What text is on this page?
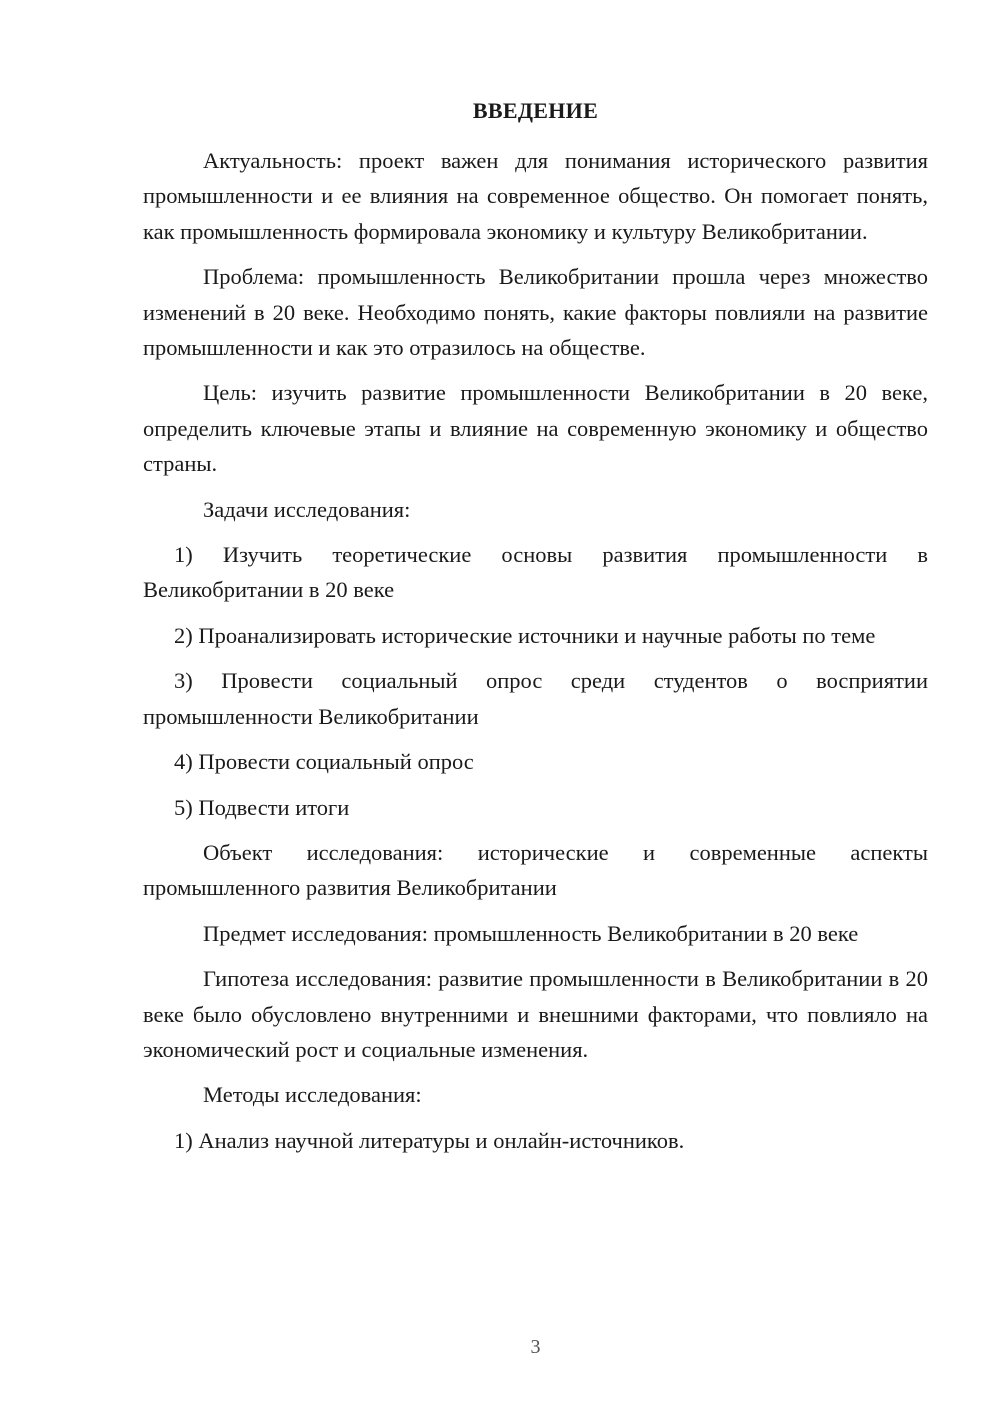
ВВЕДЕНИЕ

Актуальность: проект важен для понимания исторического развития промышленности и ее влияния на современное общество. Он помогает понять, как промышленность формировала экономику и культуру Великобритании.

Проблема: промышленность Великобритании прошла через множество изменений в 20 веке. Необходимо понять, какие факторы повлияли на развитие промышленности и как это отразилось на обществе.

Цель: изучить развитие промышленности Великобритании в 20 веке, определить ключевые этапы и влияние на современную экономику и общество страны.

Задачи исследования:

1) Изучить теоретические основы развития промышленности в Великобритании в 20 веке

2) Проанализировать исторические источники и научные работы по теме

3) Провести социальный опрос среди студентов о восприятии промышленности Великобритании

4) Провести социальный опрос

5) Подвести итоги

Объект исследования: исторические и современные аспекты промышленного развития Великобритании

Предмет исследования: промышленность Великобритании в 20 веке

Гипотеза исследования: развитие промышленности в Великобритании в 20 веке было обусловлено внутренними и внешними факторами, что повлияло на экономический рост и социальные изменения.

Методы исследования:

1) Анализ научной литературы и онлайн-источников.

3
